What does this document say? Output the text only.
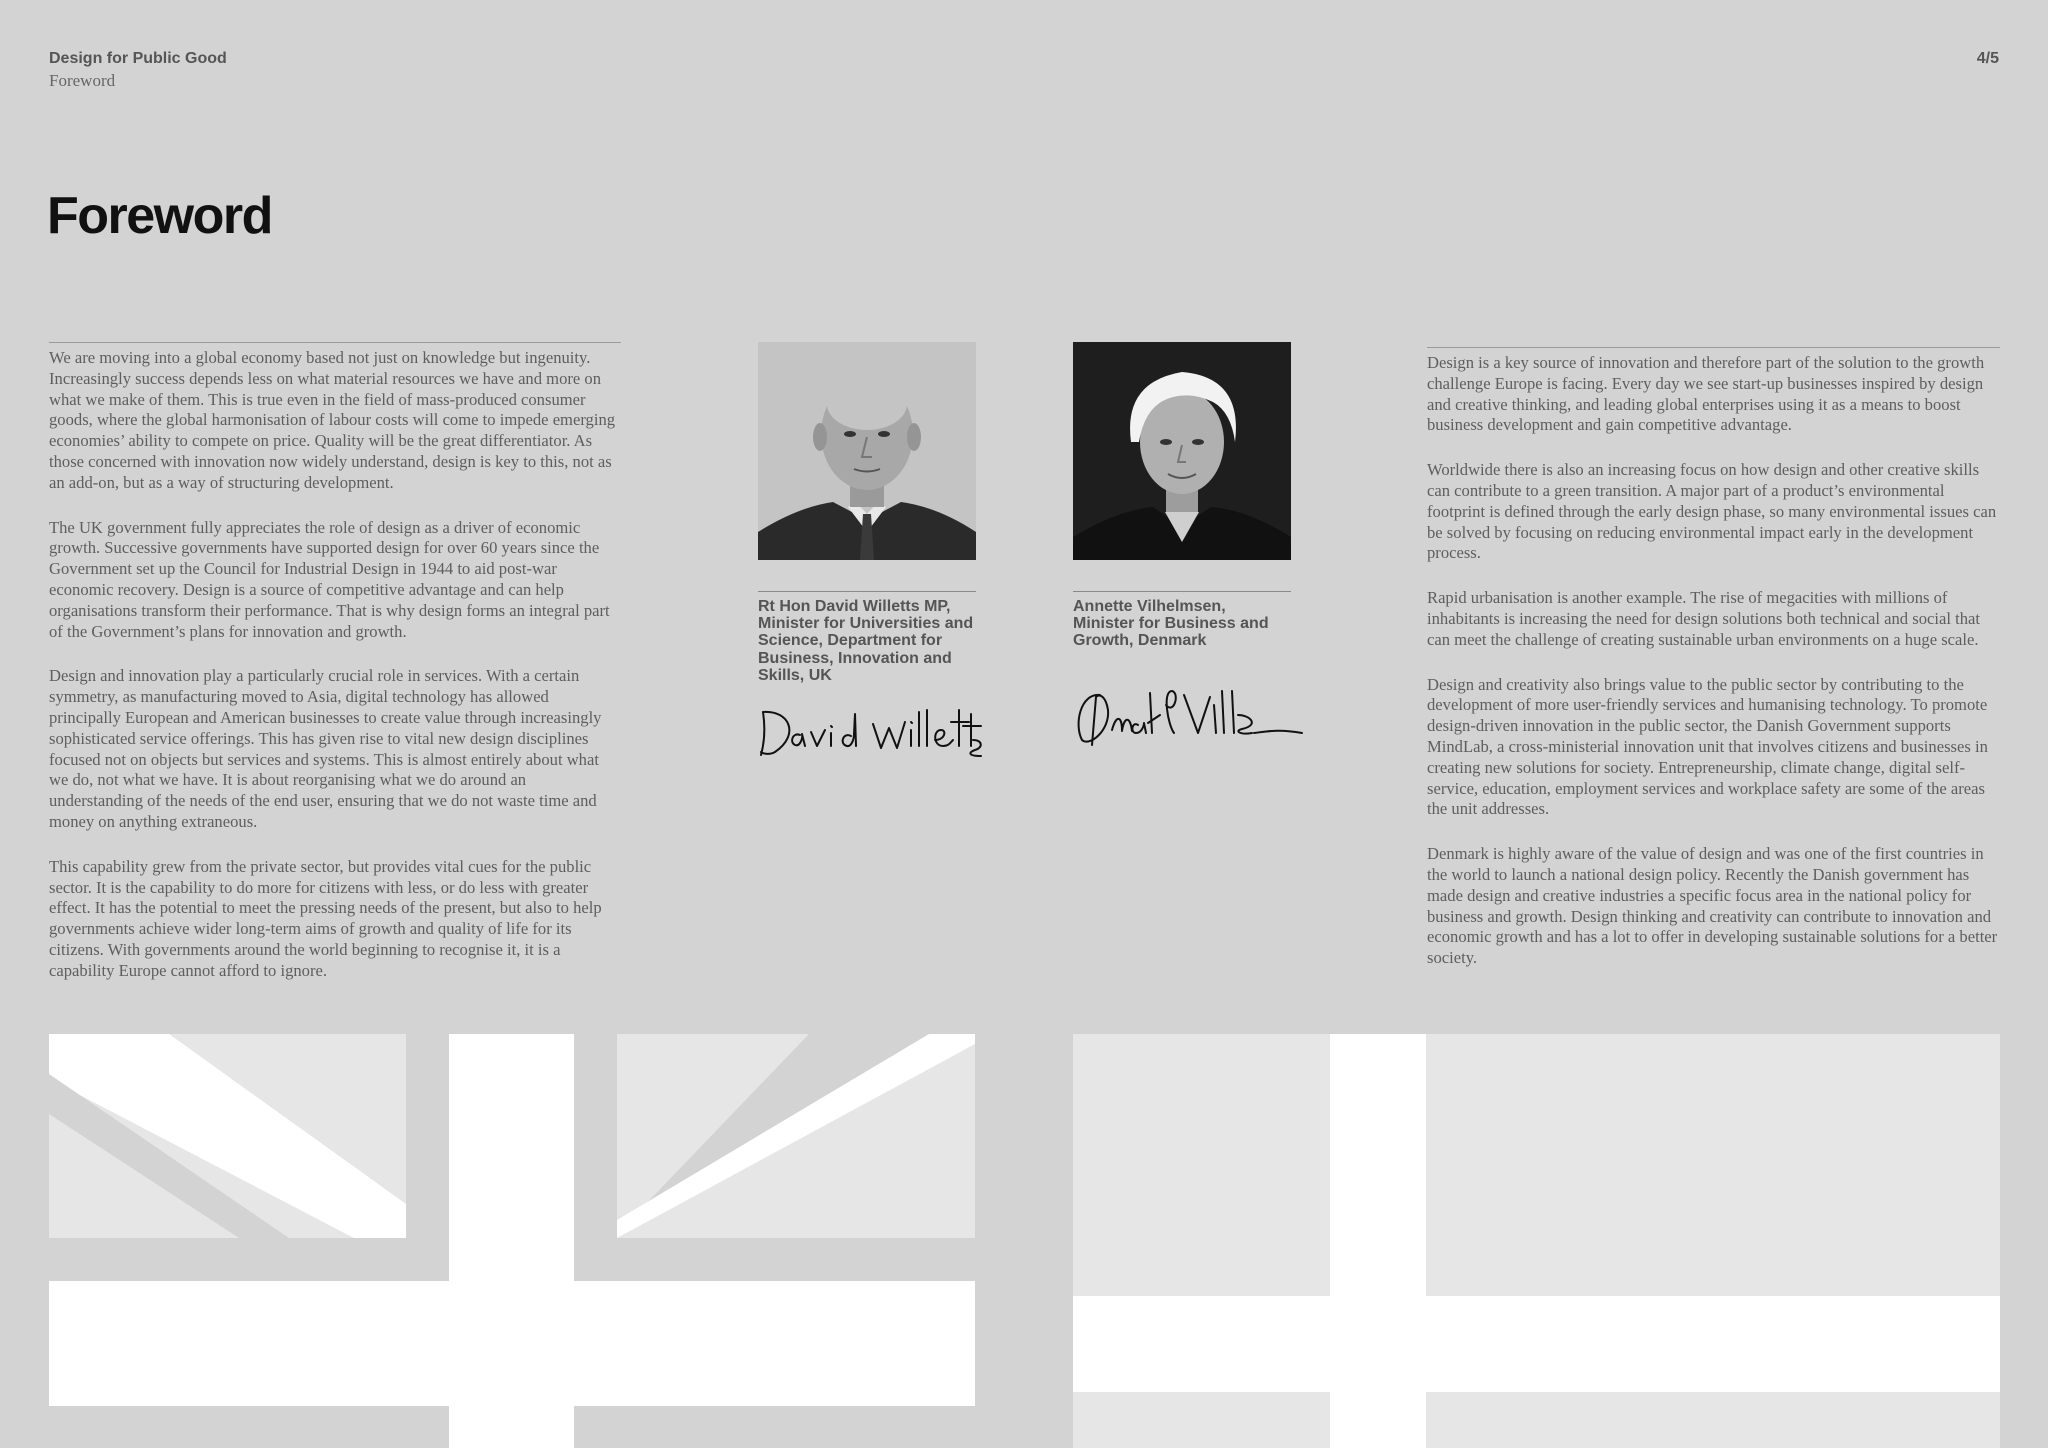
Design for Public Good
Foreword
4/5
Foreword

We are moving into a global economy based not just on knowledge but ingenuity. Increasingly success depends less on what material resources we have and more on what we make of them. This is true even in the field of mass-produced consumer goods, where the global harmonisation of labour costs will come to impede emerging economies’ ability to compete on price. Quality will be the great differentiator. As those concerned with innovation now widely understand, design is key to this, not as an add-on, but as a way of structuring development.

The UK government fully appreciates the role of design as a driver of economic growth. Successive governments have supported design for over 60 years since the Government set up the Council for Industrial Design in 1944 to aid post-war economic recovery. Design is a source of competitive advantage and can help organisations transform their performance. That is why design forms an integral part of the Government’s plans for innovation and growth.

Design and innovation play a particularly crucial role in services. With a certain symmetry, as manufacturing moved to Asia, digital technology has allowed principally European and American businesses to create value through increasingly sophisticated service offerings. This has given rise to vital new design disciplines focused not on objects but services and systems. This is almost entirely about what we do, not what we have. It is about reorganising what we do around an understanding of the needs of the end user, ensuring that we do not waste time and money on anything extraneous.

This capability grew from the private sector, but provides vital cues for the public sector. It is the capability to do more for citizens with less, or do less with greater effect. It has the potential to meet the pressing needs of the present, but also to help governments achieve wider long-term aims of growth and quality of life for its citizens. With governments around the world beginning to recognise it, it is a capability Europe cannot afford to ignore.

Rt Hon David Willetts MP, Minister for Universities and Science, Department for Business, Innovation and Skills, UK
Annette Vilhelmsen, Minister for Business and Growth, Denmark

Design is a key source of innovation and therefore part of the solution to the growth challenge Europe is facing. Every day we see start-up businesses inspired by design and creative thinking, and leading global enterprises using it as a means to boost business development and gain competitive advantage.

Worldwide there is also an increasing focus on how design and other creative skills can contribute to a green transition. A major part of a product’s environmental footprint is defined through the early design phase, so many environmental issues can be solved by focusing on reducing environmental impact early in the development process.

Rapid urbanisation is another example. The rise of megacities with millions of inhabitants is increasing the need for design solutions both technical and social that can meet the challenge of creating sustainable urban environments on a huge scale.

Design and creativity also brings value to the public sector by contributing to the development of more user-friendly services and humanising technology. To promote design-driven innovation in the public sector, the Danish Government supports MindLab, a cross-ministerial innovation unit that involves citizens and businesses in creating new solutions for society. Entrepreneurship, climate change, digital self-service, education, employment services and workplace safety are some of the areas the unit addresses.

Denmark is highly aware of the value of design and was one of the first countries in the world to launch a national design policy. Recently the Danish government has made design and creative industries a specific focus area in the national policy for business and growth. Design thinking and creativity can contribute to innovation and economic growth and has a lot to offer in developing sustainable solutions for a better society.
